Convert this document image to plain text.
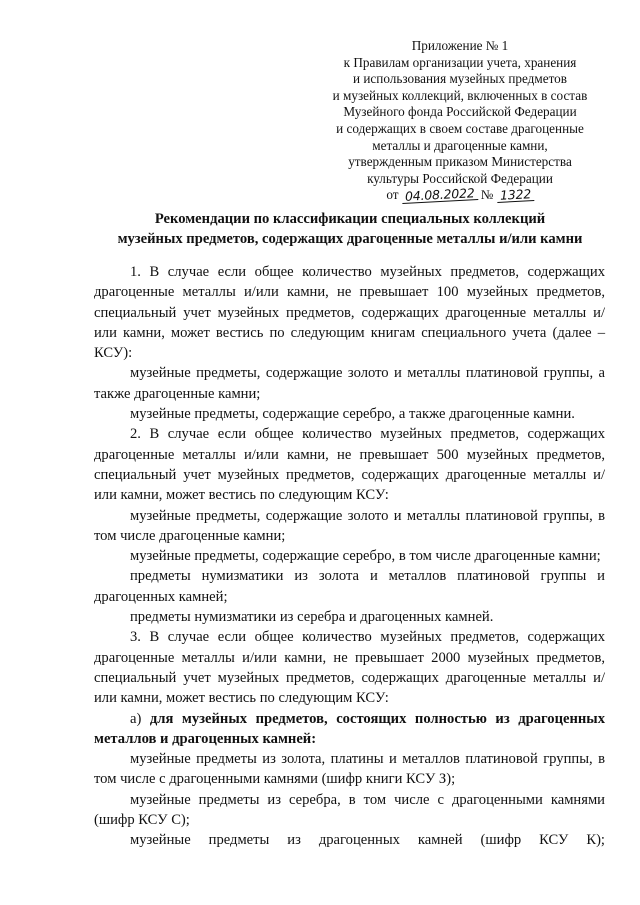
Приложение № 1
к Правилам организации учета, хранения
и использования музейных предметов
и музейных коллекций, включенных в состав
Музейного фонда Российской Федерации
и содержащих в своем составе драгоценные
металлы и драгоценные камни,
утвержденным приказом Министерства
культуры Российской Федерации
от 04.08.2022 № 1322
Рекомендации по классификации специальных коллекций
музейных предметов, содержащих драгоценные металлы и/или камни

1. В случае если общее количество музейных предметов, содержащих драгоценные металлы и/или камни, не превышает 100 музейных предметов, специальный учет музейных предметов, содержащих драгоценные металлы и/или камни, может вестись по следующим книгам специального учета (далее – КСУ):

музейные предметы, содержащие золото и металлы платиновой группы, а также драгоценные камни;

музейные предметы, содержащие серебро, а также драгоценные камни.

2. В случае если общее количество музейных предметов, содержащих драгоценные металлы и/или камни, не превышает 500 музейных предметов, специальный учет музейных предметов, содержащих драгоценные металлы и/или камни, может вестись по следующим КСУ:

музейные предметы, содержащие золото и металлы платиновой группы, в том числе драгоценные камни;

музейные предметы, содержащие серебро, в том числе драгоценные камни;

предметы нумизматики из золота и металлов платиновой группы и драгоценных камней;

предметы нумизматики из серебра и драгоценных камней.

3. В случае если общее количество музейных предметов, содержащих драгоценные металлы и/или камни, не превышает 2000 музейных предметов, специальный учет музейных предметов, содержащих драгоценные металлы и/или камни, может вестись по следующим КСУ:

а) для музейных предметов, состоящих полностью из драгоценных металлов и драгоценных камней:

музейные предметы из золота, платины и металлов платиновой группы, в том числе с драгоценными камнями (шифр книги КСУ З);

музейные предметы из серебра, в том числе с драгоценными камнями (шифр КСУ С);

музейные предметы из драгоценных камней (шифр КСУ К);
